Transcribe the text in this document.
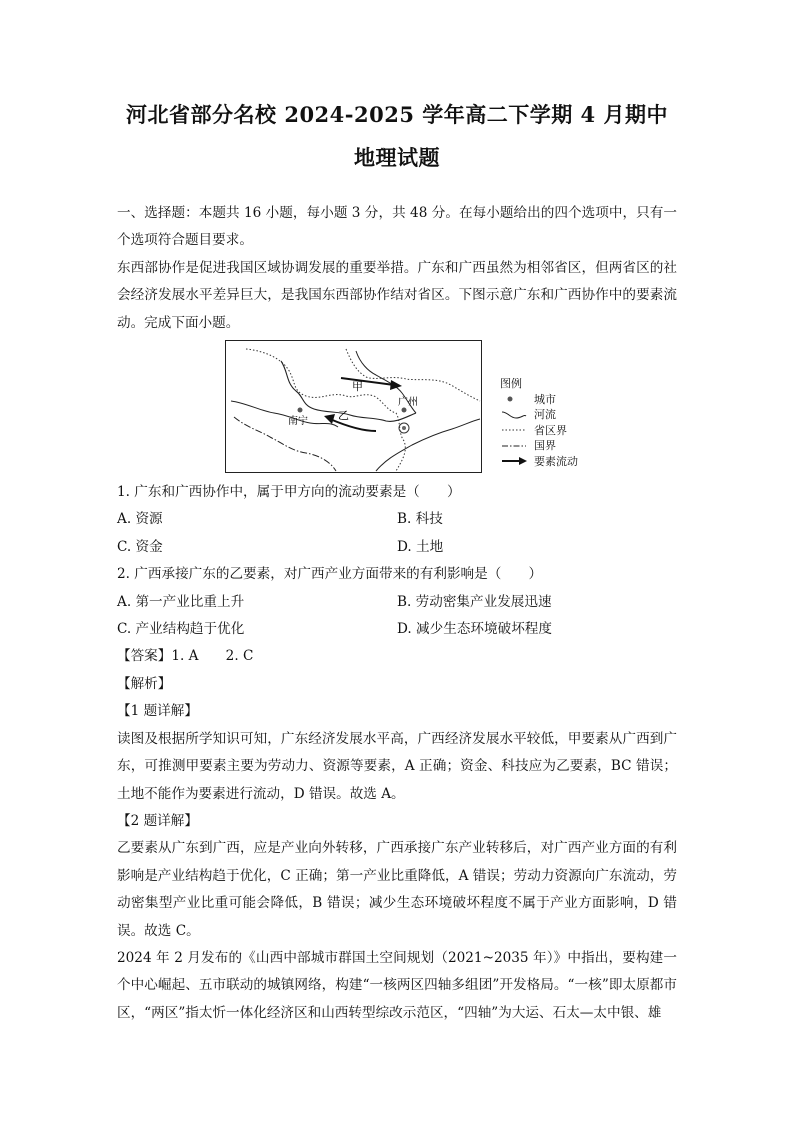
河北省部分名校 2024-2025 学年高二下学期 4 月期中
地理试题

一、选择题：本题共 16 小题，每小题 3 分，共 48 分。在每小题给出的四个选项中，只有一个选项符合题目要求。

东西部协作是促进我国区域协调发展的重要举措。广东和广西虽然为相邻省区，但两省区的社会经济发展水平差异巨大，是我国东西部协作结对省区。下图示意广东和广西协作中的要素流动。完成下面小题。

甲
乙
南宁
广州
图例
城市
河流
省区界
国界
要素流动

1. 广东和广西协作中，属于甲方向的流动要素是（　　）

A. 资源	B. 科技
C. 资金	D. 土地

2. 广西承接广东的乙要素，对广西产业方面带来的有利影响是（　　）

A. 第一产业比重上升	B. 劳动密集产业发展迅速
C. 产业结构趋于优化	D. 减少生态环境破坏程度

【答案】1. A　　2. C

【解析】

【1 题详解】

读图及根据所学知识可知，广东经济发展水平高，广西经济发展水平较低，甲要素从广西到广东，可推测甲要素主要为劳动力、资源等要素，A 正确；资金、科技应为乙要素，BC 错误；土地不能作为要素进行流动，D 错误。故选 A。

【2 题详解】

乙要素从广东到广西，应是产业向外转移，广西承接广东产业转移后，对广西产业方面的有利影响是产业结构趋于优化，C 正确；第一产业比重降低，A 错误；劳动力资源向广东流动，劳动密集型产业比重可能会降低，B 错误；减少生态环境破坏程度不属于产业方面影响，D 错误。故选 C。

2024 年 2 月发布的《山西中部城市群国土空间规划（2021~2035 年）》中指出，要构建一个中心崛起、五市联动的城镇网络，构建“一核两区四轴多组团”开发格局。“一核”即太原都市区，“两区”指太忻一体化经济区和山西转型综改示范区，“四轴”为大运、石太—太中银、雄
